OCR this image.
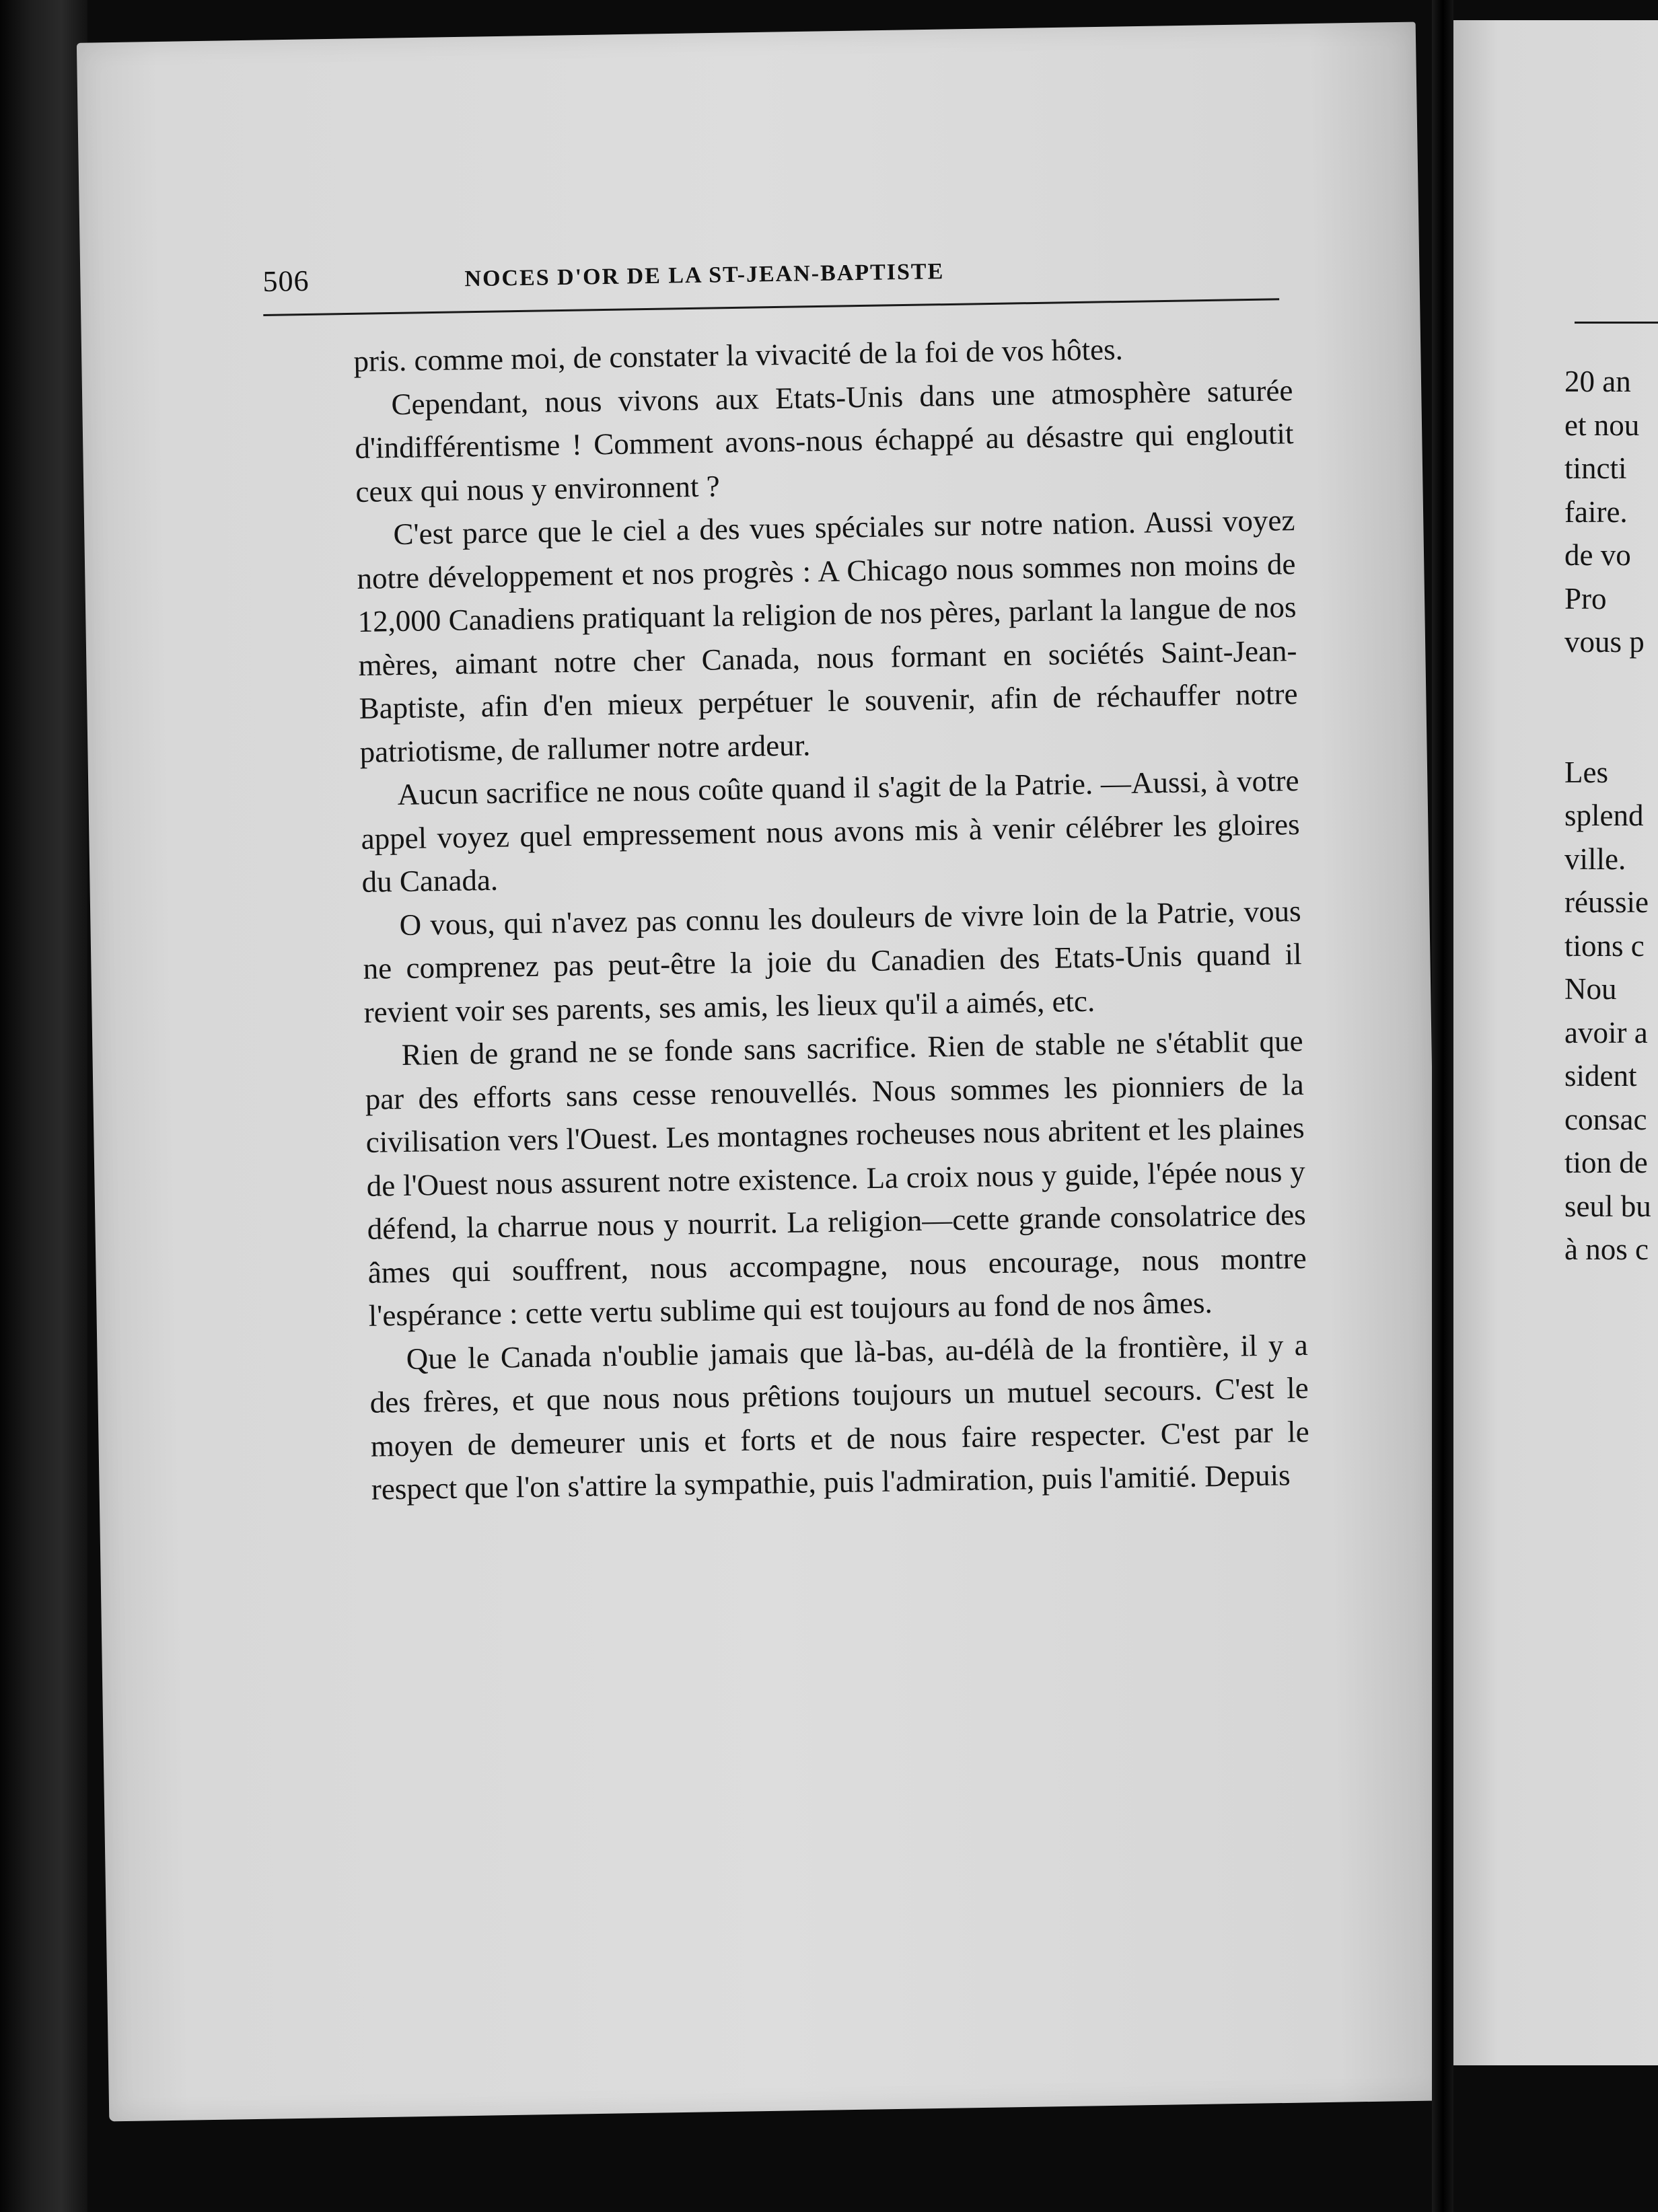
506	NOCES D'OR DE LA ST-JEAN-BAPTISTE

pris. comme moi, de constater la vivacité de la foi de vos hôtes.

Cependant, nous vivons aux Etats-Unis dans une atmosphère saturée d'indifférentisme ! Comment avons-nous échappé au désastre qui engloutit ceux qui nous y environnent ?

C'est parce que le ciel a des vues spéciales sur notre nation. Aussi voyez notre développement et nos progrès : A Chicago nous sommes non moins de 12,000 Canadiens pratiquant la religion de nos pères, parlant la langue de nos mères, aimant notre cher Canada, nous formant en sociétés Saint-Jean-Baptiste, afin d'en mieux perpétuer le souvenir, afin de réchauffer notre patriotisme, de rallumer notre ardeur.

Aucun sacrifice ne nous coûte quand il s'agit de la Patrie. —Aussi, à votre appel voyez quel empressement nous avons mis à venir célébrer les gloires du Canada.

O vous, qui n'avez pas connu les douleurs de vivre loin de la Patrie, vous ne comprenez pas peut-être la joie du Canadien des Etats-Unis quand il revient voir ses parents, ses amis, les lieux qu'il a aimés, etc.

Rien de grand ne se fonde sans sacrifice. Rien de stable ne s'établit que par des efforts sans cesse renouvellés. Nous sommes les pionniers de la civilisation vers l'Ouest. Les montagnes rocheuses nous abritent et les plaines de l'Ouest nous assurent notre existence. La croix nous y guide, l'épée nous y défend, la charrue nous y nourrit. La religion—cette grande consolatrice des âmes qui souffrent, nous accompagne, nous encourage, nous montre l'espérance : cette vertu sublime qui est toujours au fond de nos âmes.

Que le Canada n'oublie jamais que là-bas, au-délà de la frontière, il y a des frères, et que nous nous prêtions toujours un mutuel secours. C'est le moyen de demeurer unis et forts et de nous faire respecter. C'est par le respect que l'on s'attire la sympathie, puis l'admiration, puis l'amitié. Depuis

20 an
et nou
tincti
faire.
de vo
Pro
vous p
Les
splend
ville.
réussie
tions c
Nou
avoir a
sident
consac
tion de
seul bu
à nos c
